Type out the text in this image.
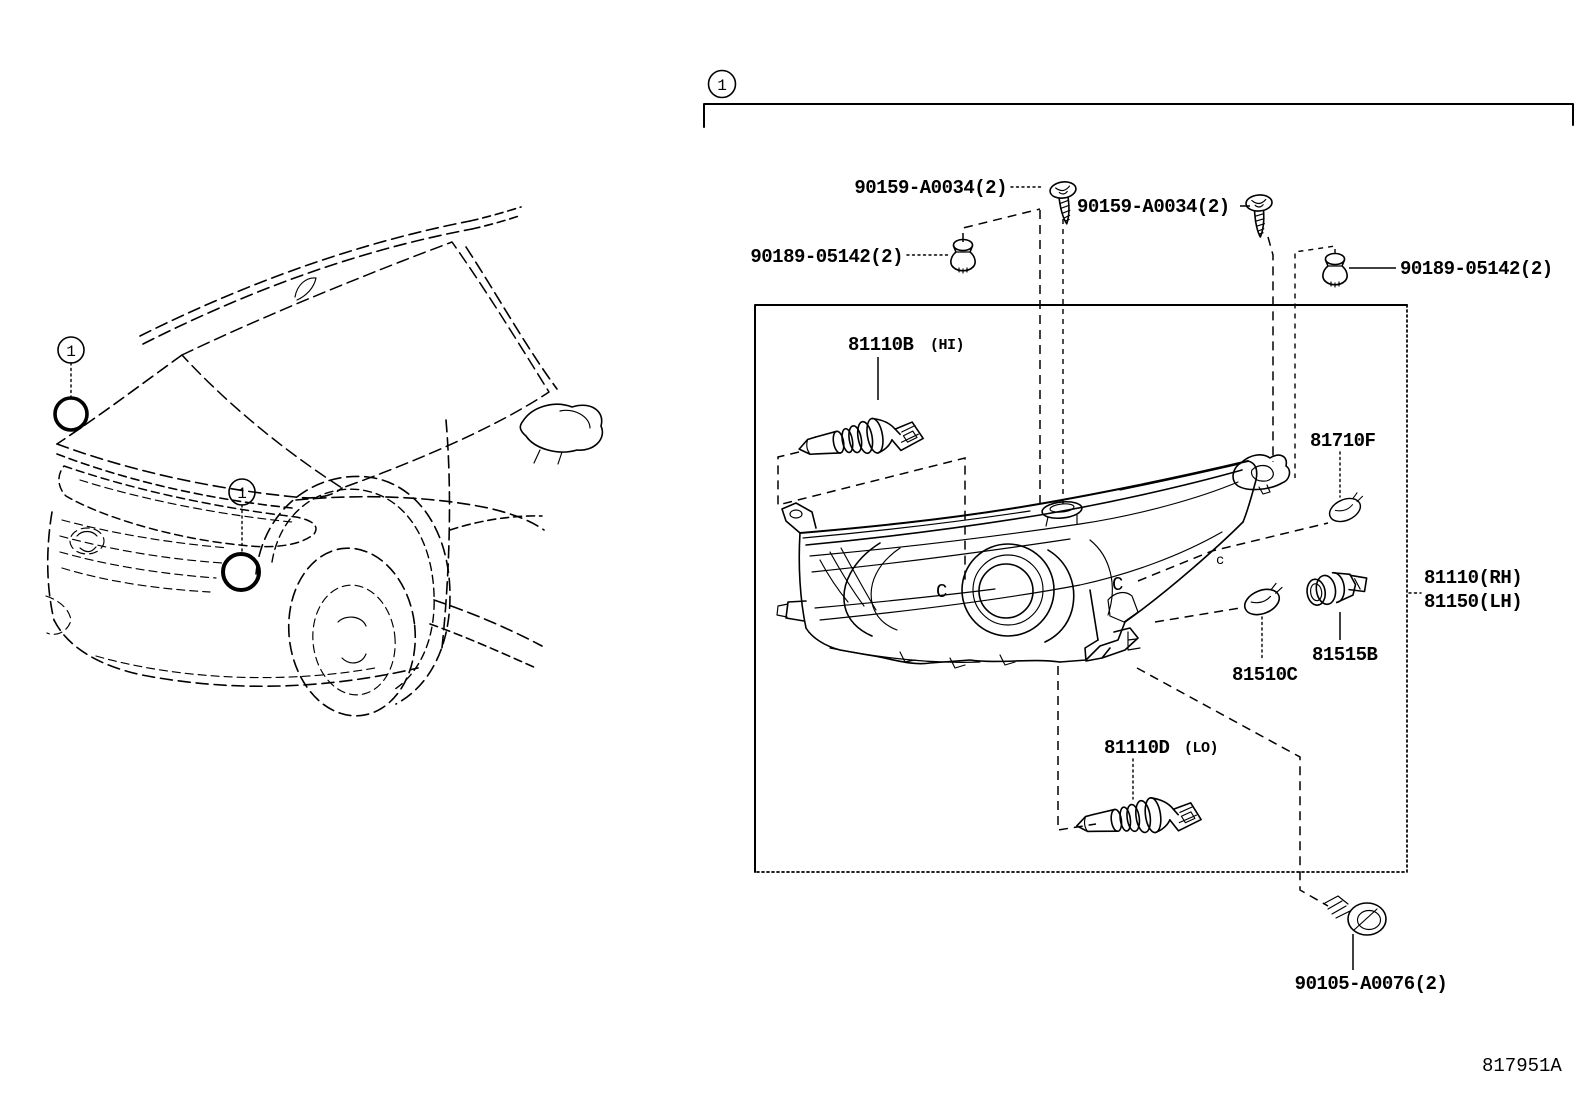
1
C	C
c
90159-A0034(2)
90159-A0034(2)
90189-05142(2)
90189-05142(2)
81110B (HI)
81710F
81110(RH)
81150(LH)
81515B
81510C
81110D (LO)
90105-A0076(2)
1
1
817951A
